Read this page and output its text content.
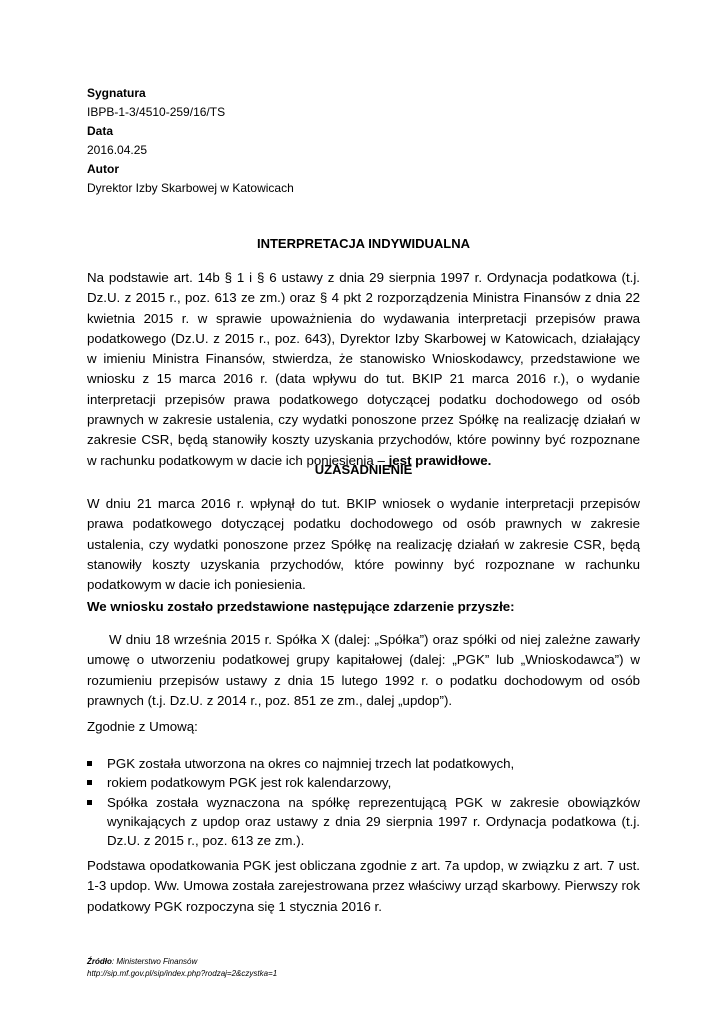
Sygnatura
IBPB-1-3/4510-259/16/TS
Data
2016.04.25
Autor
Dyrektor Izby Skarbowej w Katowicach
INTERPRETACJA INDYWIDUALNA

Na podstawie art. 14b § 1 i § 6 ustawy z dnia 29 sierpnia 1997 r. Ordynacja podatkowa (t.j. Dz.U. z 2015 r., poz. 613 ze zm.) oraz § 4 pkt 2 rozporządzenia Ministra Finansów z dnia 22 kwietnia 2015 r. w sprawie upoważnienia do wydawania interpretacji przepisów prawa podatkowego (Dz.U. z 2015 r., poz. 643), Dyrektor Izby Skarbowej w Katowicach, działający w imieniu Ministra Finansów, stwierdza, że stanowisko Wnioskodawcy, przedstawione we wniosku z 15 marca 2016 r. (data wpływu do tut. BKIP 21 marca 2016 r.), o wydanie interpretacji przepisów prawa podatkowego dotyczącej podatku dochodowego od osób prawnych w zakresie ustalenia, czy wydatki ponoszone przez Spółkę na realizację działań w zakresie CSR, będą stanowiły koszty uzyskania przychodów, które powinny być rozpoznane w rachunku podatkowym w dacie ich poniesienia – jest prawidłowe.

UZASADNIENIE

W dniu 21 marca 2016 r. wpłynął do tut. BKIP wniosek o wydanie interpretacji przepisów prawa podatkowego dotyczącej podatku dochodowego od osób prawnych w zakresie ustalenia, czy wydatki ponoszone przez Spółkę na realizację działań w zakresie CSR, będą stanowiły koszty uzyskania przychodów, które powinny być rozpoznane w rachunku podatkowym w dacie ich poniesienia.

We wniosku zostało przedstawione następujące zdarzenie przyszłe:

W dniu 18 września 2015 r. Spółka X (dalej: „Spółka”) oraz spółki od niej zależne zawarły umowę o utworzeniu podatkowej grupy kapitałowej (dalej: „PGK” lub „Wnioskodawca”) w rozumieniu przepisów ustawy z dnia 15 lutego 1992 r. o podatku dochodowym od osób prawnych (t.j. Dz.U. z 2014 r., poz. 851 ze zm., dalej „updop”).

Zgodnie z Umową:

PGK została utworzona na okres co najmniej trzech lat podatkowych,
rokiem podatkowym PGK jest rok kalendarzowy,
Spółka została wyznaczona na spółkę reprezentującą PGK w zakresie obowiązków wynikających z updop oraz ustawy z dnia 29 sierpnia 1997 r. Ordynacja podatkowa (t.j. Dz.U. z 2015 r., poz. 613 ze zm.).

Podstawa opodatkowania PGK jest obliczana zgodnie z art. 7a updop, w związku z art. 7 ust. 1-3 updop. Ww. Umowa została zarejestrowana przez właściwy urząd skarbowy. Pierwszy rok podatkowy PGK rozpoczyna się 1 stycznia 2016 r.

Źródło: Ministerstwo Finansów
http://sip.mf.gov.pl/sip/index.php?rodzaj=2&czystka=1
